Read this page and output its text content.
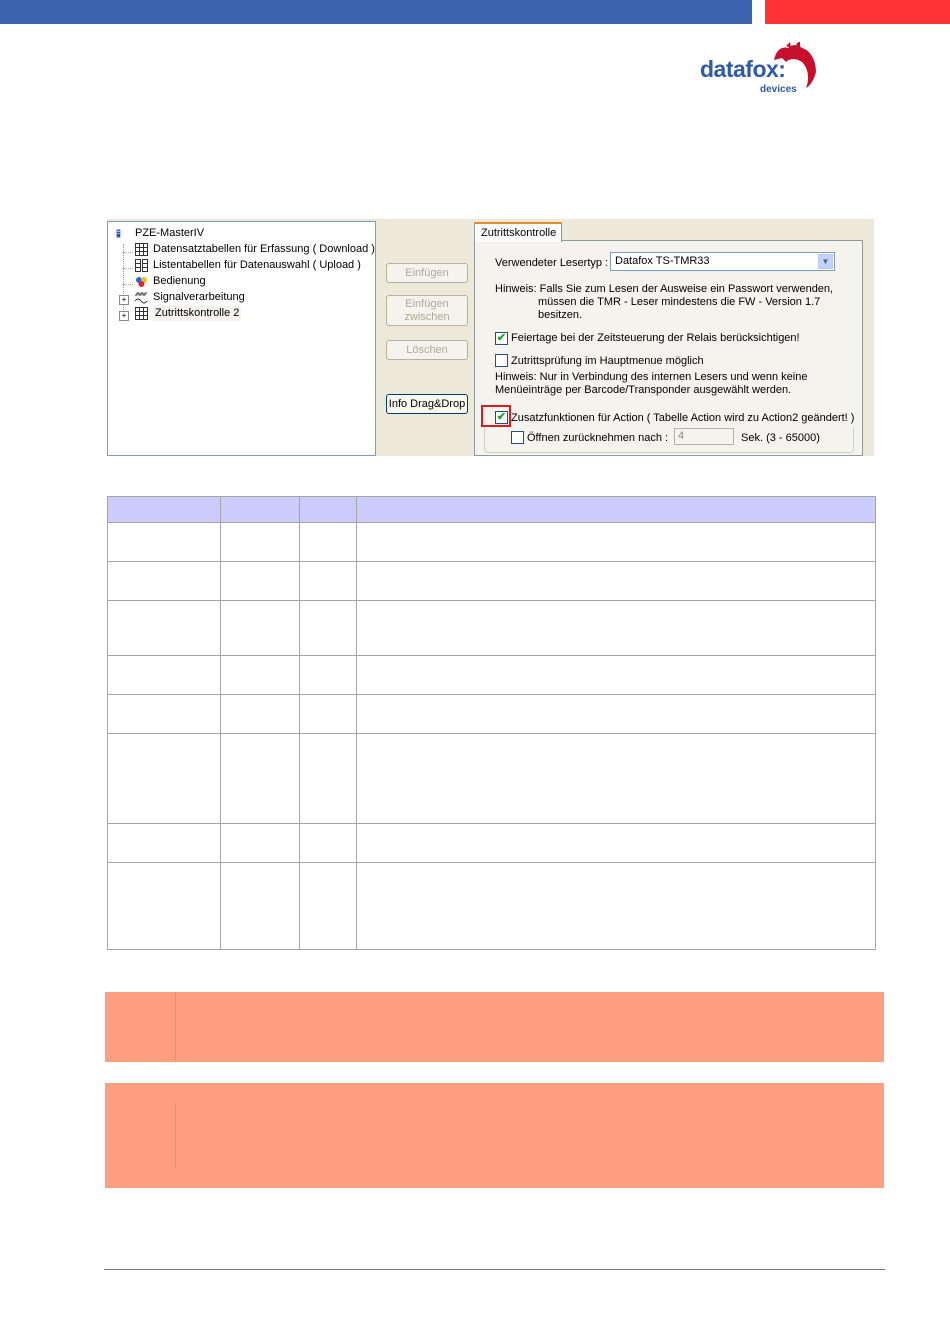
datafox:
devices
PZE-MasterIV
Datensatztabellen für Erfassung ( Download )
Listentabellen für Datenauswahl ( Upload )
Bedienung
+ Signalverarbeitung
+	Zutrittskontrolle 2
Einfügen
Einfügen
zwischen
Löschen
Info Drag&Drop
Zutrittskontrolle
Verwendeter Lesertyp : Datafox TS-TMR33	▼
Hinweis: Falls Sie zum Lesen der Ausweise ein Passwort verwenden,
müssen die TMR - Leser mindestens die FW - Version 1.7
besitzen.
✔ Feiertage bei der Zeitsteuerung der Relais berücksichtigen!
Zutrittsprüfung im Hauptmenue möglich
Hinweis: Nur in Verbindung des internen Lesers und wenn keine
Menüeinträge per Barcode/Transponder ausgewählt werden.
✔ Zusatzfunktionen für Action ( Tabelle Action wird zu Action2 geändert! )
Öffnen zurücknehmen nach : 4	Sek. (3 - 65000)
